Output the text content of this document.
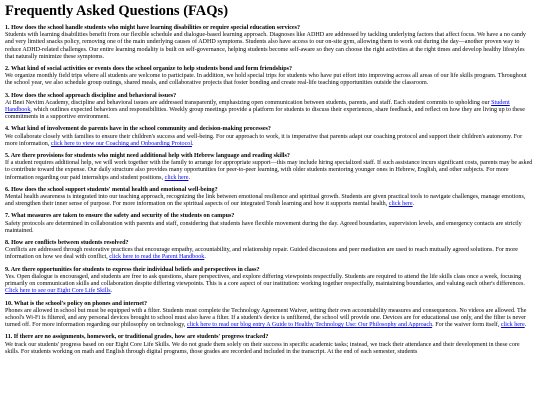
Frequently Asked Questions (FAQs)

1. How does the school handle students who might have learning disabilities or require special education services?

Students with learning disabilities benefit from our flexible schedule and dialogue-based learning approach. Diagnoses like ADHD are addressed by tackling underlying factors that affect focus. We have a no candy and very limited snacks policy, removing one of the main underlying causes of ADHD symptoms. Students also have access to our on-site gym, allowing them to work out during the day—another proven way to reduce ADHD-related challenges. Our entire learning modality is built on self-governance, helping students become self-aware so they can choose the right activities at the right times and develop healthy lifestyles that naturally minimize these symptoms.

2. What kind of social activities or events does the school organize to help students bond and form friendships?

We organize monthly field trips where all students are welcome to participate. In addition, we hold special trips for students who have put effort into improving across all areas of our life skills program. Throughout the school year, we also schedule group outings, shared meals, and collaborative projects that foster bonding and create real-life teaching opportunities outside the classroom.

3. How does the school approach discipline and behavioral issues?

At Bnei Neviim Academy, discipline and behavioral issues are addressed transparently, emphasizing open communication between students, parents, and staff. Each student commits to upholding our Student Handbook, which outlines expected behaviors and responsibilities. Weekly group meetings provide a platform for students to discuss their experiences, share feedback, and reflect on how they are living up to these commitments in a supportive environment.

4. What kind of involvement do parents have in the school community and decision-making processes?

We collaborate closely with families to ensure their children's success and well-being. For our approach to work, it is imperative that parents adapt our coaching protocol and support their children's autonomy. For more information, click here to view our Coaching and Onboarding Protocol.

5. Are there provisions for students who might need additional help with Hebrew language and reading skills?

If a student requires additional help, we will work together with the family to arrange for appropriate support—this may include hiring specialized staff. If such assistance incurs significant costs, parents may be asked to contribute toward the expense. Our daily structure also provides many opportunities for peer-to-peer learning, with older students mentoring younger ones in Hebrew, English, and other subjects. For more information regarding our paid internships and student positions, click here.

6. How does the school support students' mental health and emotional well-being?

Mental health awareness is integrated into our teaching approach, recognizing the link between emotional resilience and spiritual growth. Students are given practical tools to navigate challenges, manage emotions, and strengthen their inner sense of purpose. For more information on the spiritual aspects of our integrated Torah learning and how it supports mental health, click here.

7. What measures are taken to ensure the safety and security of the students on campus?

Safety protocols are determined in collaboration with parents and staff, considering that students have flexible movement during the day. Agreed boundaries, supervision levels, and emergency contacts are strictly maintained.

8. How are conflicts between students resolved?

Conflicts are addressed through restorative practices that encourage empathy, accountability, and relationship repair. Guided discussions and peer mediation are used to reach mutually agreed solutions. For more information on how we deal with conflict, click here to read the Parent Handbook.

9. Are there opportunities for students to express their individual beliefs and perspectives in class?

Yes. Open dialogue is encouraged, and students are free to ask questions, share perspectives, and explore differing viewpoints respectfully. Students are required to attend the life skills class once a week, focusing primarily on communication skills and collaboration despite differing viewpoints. This is a core aspect of our institution: working together respectfully, maintaining boundaries, and valuing each other's differences. Click here to see our Eight Core Life Skills.

10. What is the school's policy on phones and internet?

Phones are allowed in school but must be equipped with a filter. Students must complete the Technology Agreement Waiver, setting their own accountability measures and consequences. No videos are allowed. The school's Wi-Fi is filtered, and any personal devices brought to school must also have a filter. If a student's device is unfiltered, the school will provide one. Devices are for educational use only, and the filter is never turned off. For more information regarding our philosophy on technology, click here to read our blog entry A Guide to Healthy Technology Use: Our Philosophy and Approach. For the waiver form itself, click here.

11. If there are no assignments, homework, or traditional grades, how are students' progress tracked?

We track our students' progress based on our Eight Core Life Skills. We do not grade them solely on their success in specific academic tasks; instead, we track their attendance and their development in these core skills. For students working on math and English through digital programs, those grades are recorded and included in the transcript. At the end of each semester, students
